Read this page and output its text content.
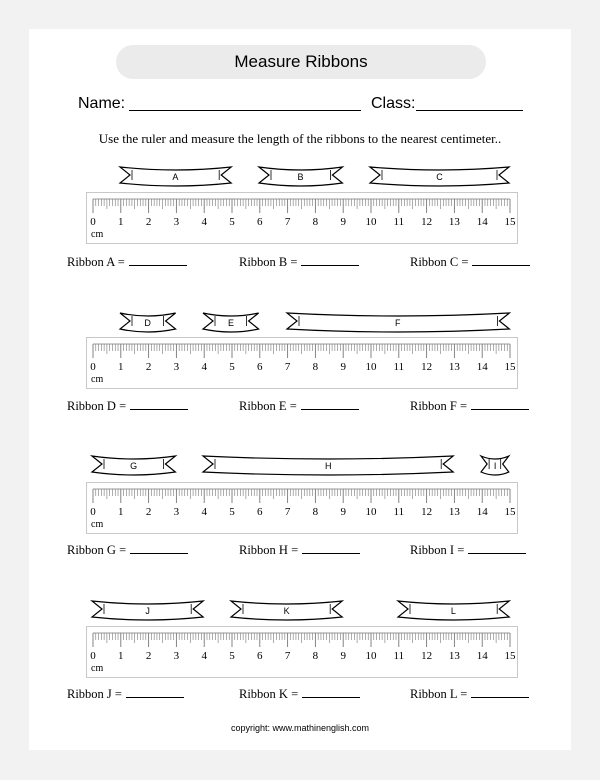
Measure Ribbons
Name:	Class:
Use the ruler and measure the length of the ribbons to the nearest centimeter..
0 1 2 3 4 5 6 7 8 9 10 11 12 13 14 15
cm
A	B	C
Ribbon A =	Ribbon B =	Ribbon C =
0 1 2 3 4 5 6 7 8 9 10 11 12 13 14 15
cm
D	E	F
Ribbon D =	Ribbon E =	Ribbon F =
0 1 2 3 4 5 6 7 8 9 10 11 12 13 14 15
cm
G	H	I
Ribbon G =	Ribbon H =	Ribbon I =
0 1 2 3 4 5 6 7 8 9 10 11 12 13 14 15
cm
J	K	L
Ribbon J =	Ribbon K =	Ribbon L =
copyright: www.mathinenglish.com
